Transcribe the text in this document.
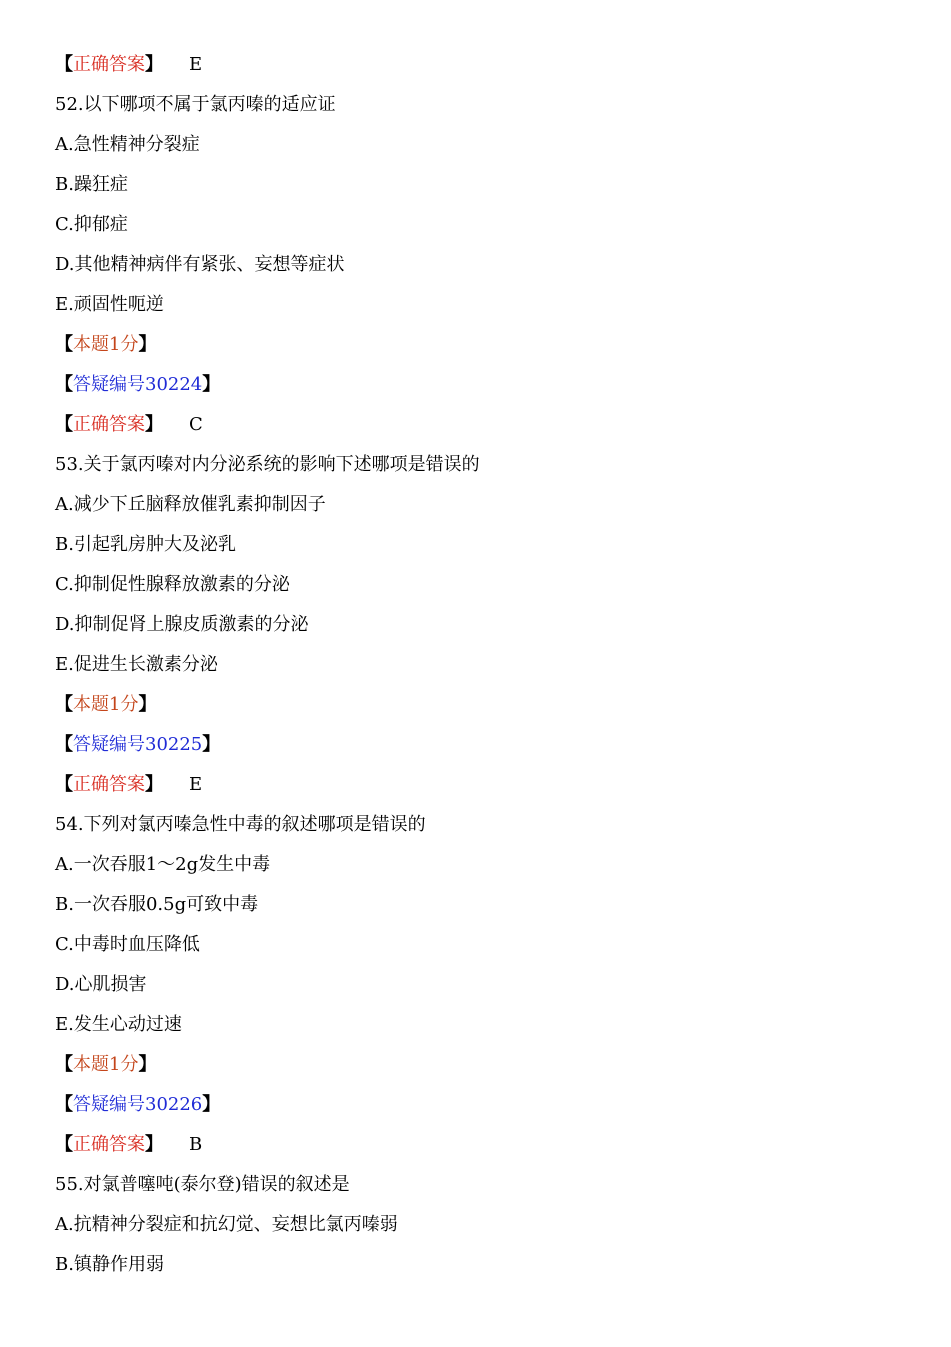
【正确答案】 E
52.以下哪项不属于氯丙嗪的适应证
A.急性精神分裂症
B.躁狂症
C.抑郁症
D.其他精神病伴有紧张、妄想等症状
E.顽固性呃逆
【本题1分】
【答疑编号30224】
【正确答案】 C
53.关于氯丙嗪对内分泌系统的影响下述哪项是错误的
A.减少下丘脑释放催乳素抑制因子
B.引起乳房肿大及泌乳
C.抑制促性腺释放激素的分泌
D.抑制促肾上腺皮质激素的分泌
E.促进生长激素分泌
【本题1分】
【答疑编号30225】
【正确答案】 E
54.下列对氯丙嗪急性中毒的叙述哪项是错误的
A.一次吞服1～2g发生中毒
B.一次吞服0.5g可致中毒
C.中毒时血压降低
D.心肌损害
E.发生心动过速
【本题1分】
【答疑编号30226】
【正确答案】 B
55.对氯普噻吨(泰尔登)错误的叙述是
A.抗精神分裂症和抗幻觉、妄想比氯丙嗪弱
B.镇静作用弱
